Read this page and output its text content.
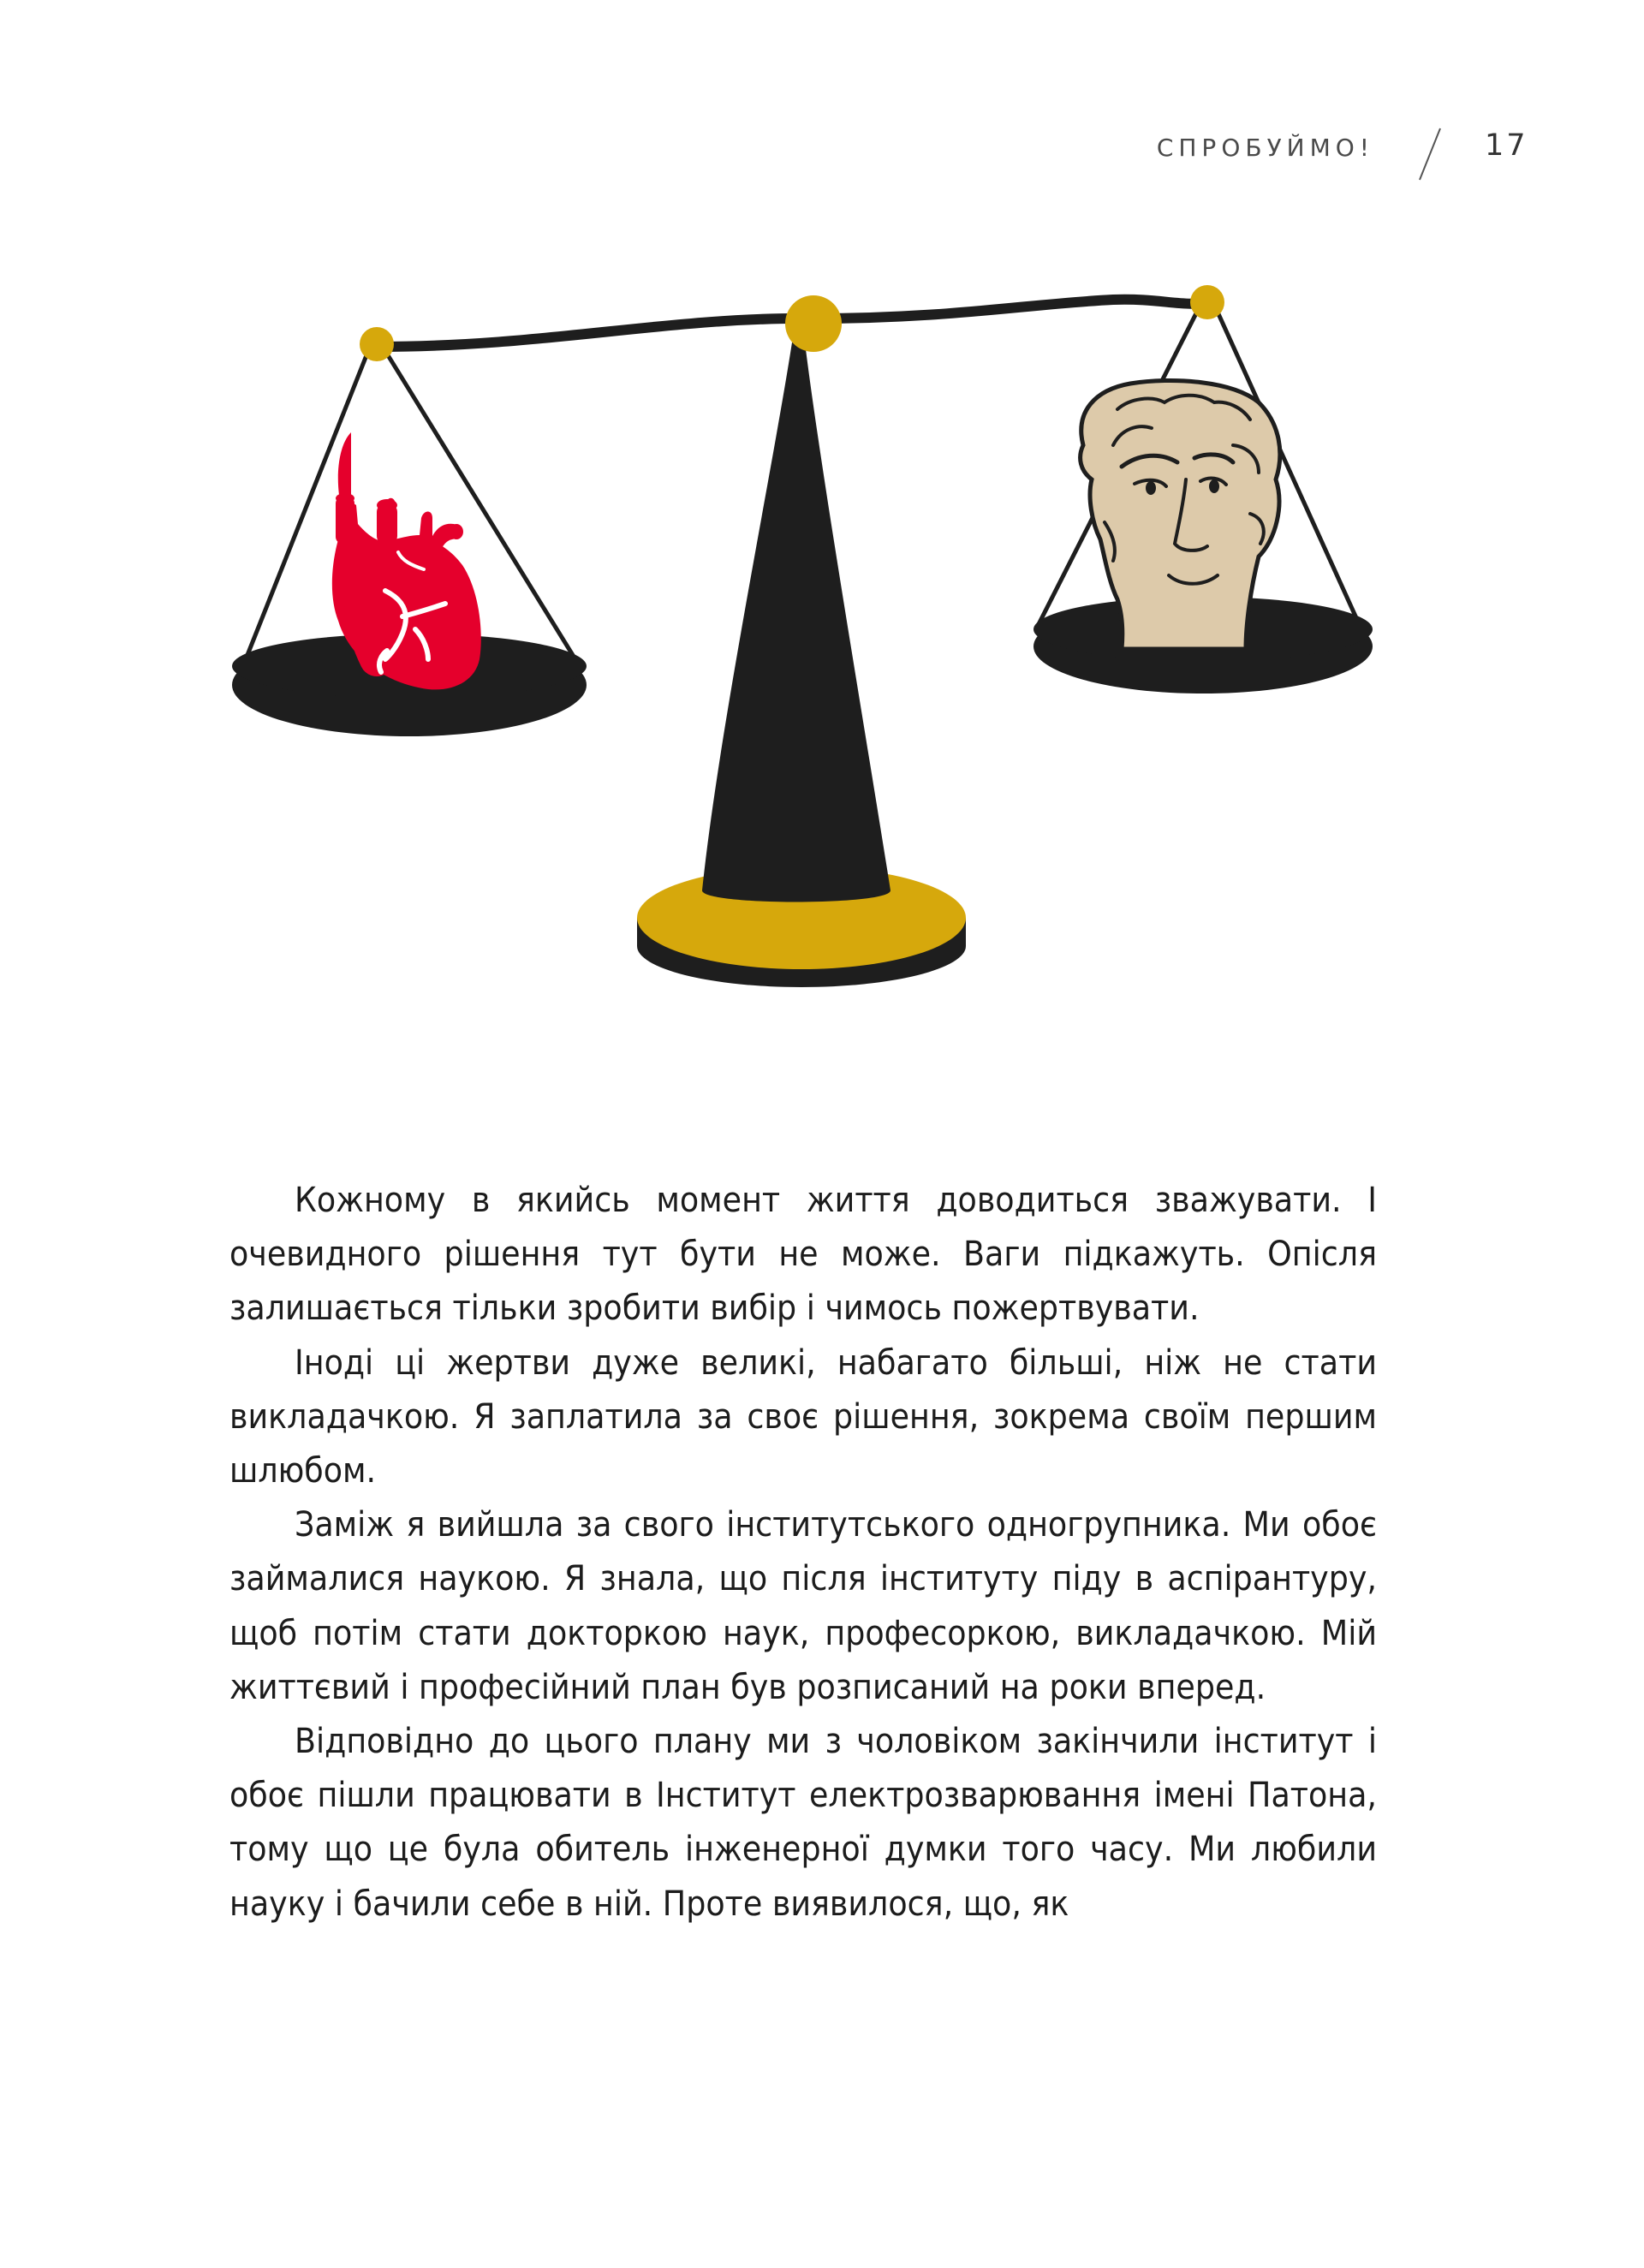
СПРОБУЙМО!	17

Кожному в якийсь момент життя доводиться зважувати. І очевидного рішення тут бути не може. Ваги підкажуть. Опісля залишається тільки зробити вибір і чимось пожертвувати.

Іноді ці жертви дуже великі, набагато більші, ніж не стати викладачкою. Я заплатила за своє рішення, зокрема своїм першим шлюбом.

Заміж я вийшла за свого інститутського одногрупника. Ми обоє займалися наукою. Я знала, що після інституту піду в аспірантуру, щоб потім стати докторкою наук, професоркою, викладачкою. Мій життєвий і професійний план був розписаний на роки вперед.

Відповідно до цього плану ми з чоловіком закінчили інститут і обоє пішли працювати в Інститут електрозварювання імені Патона, тому що це була обитель інженерної думки того часу. Ми любили науку і бачили себе в ній. Проте виявилося, що, як
